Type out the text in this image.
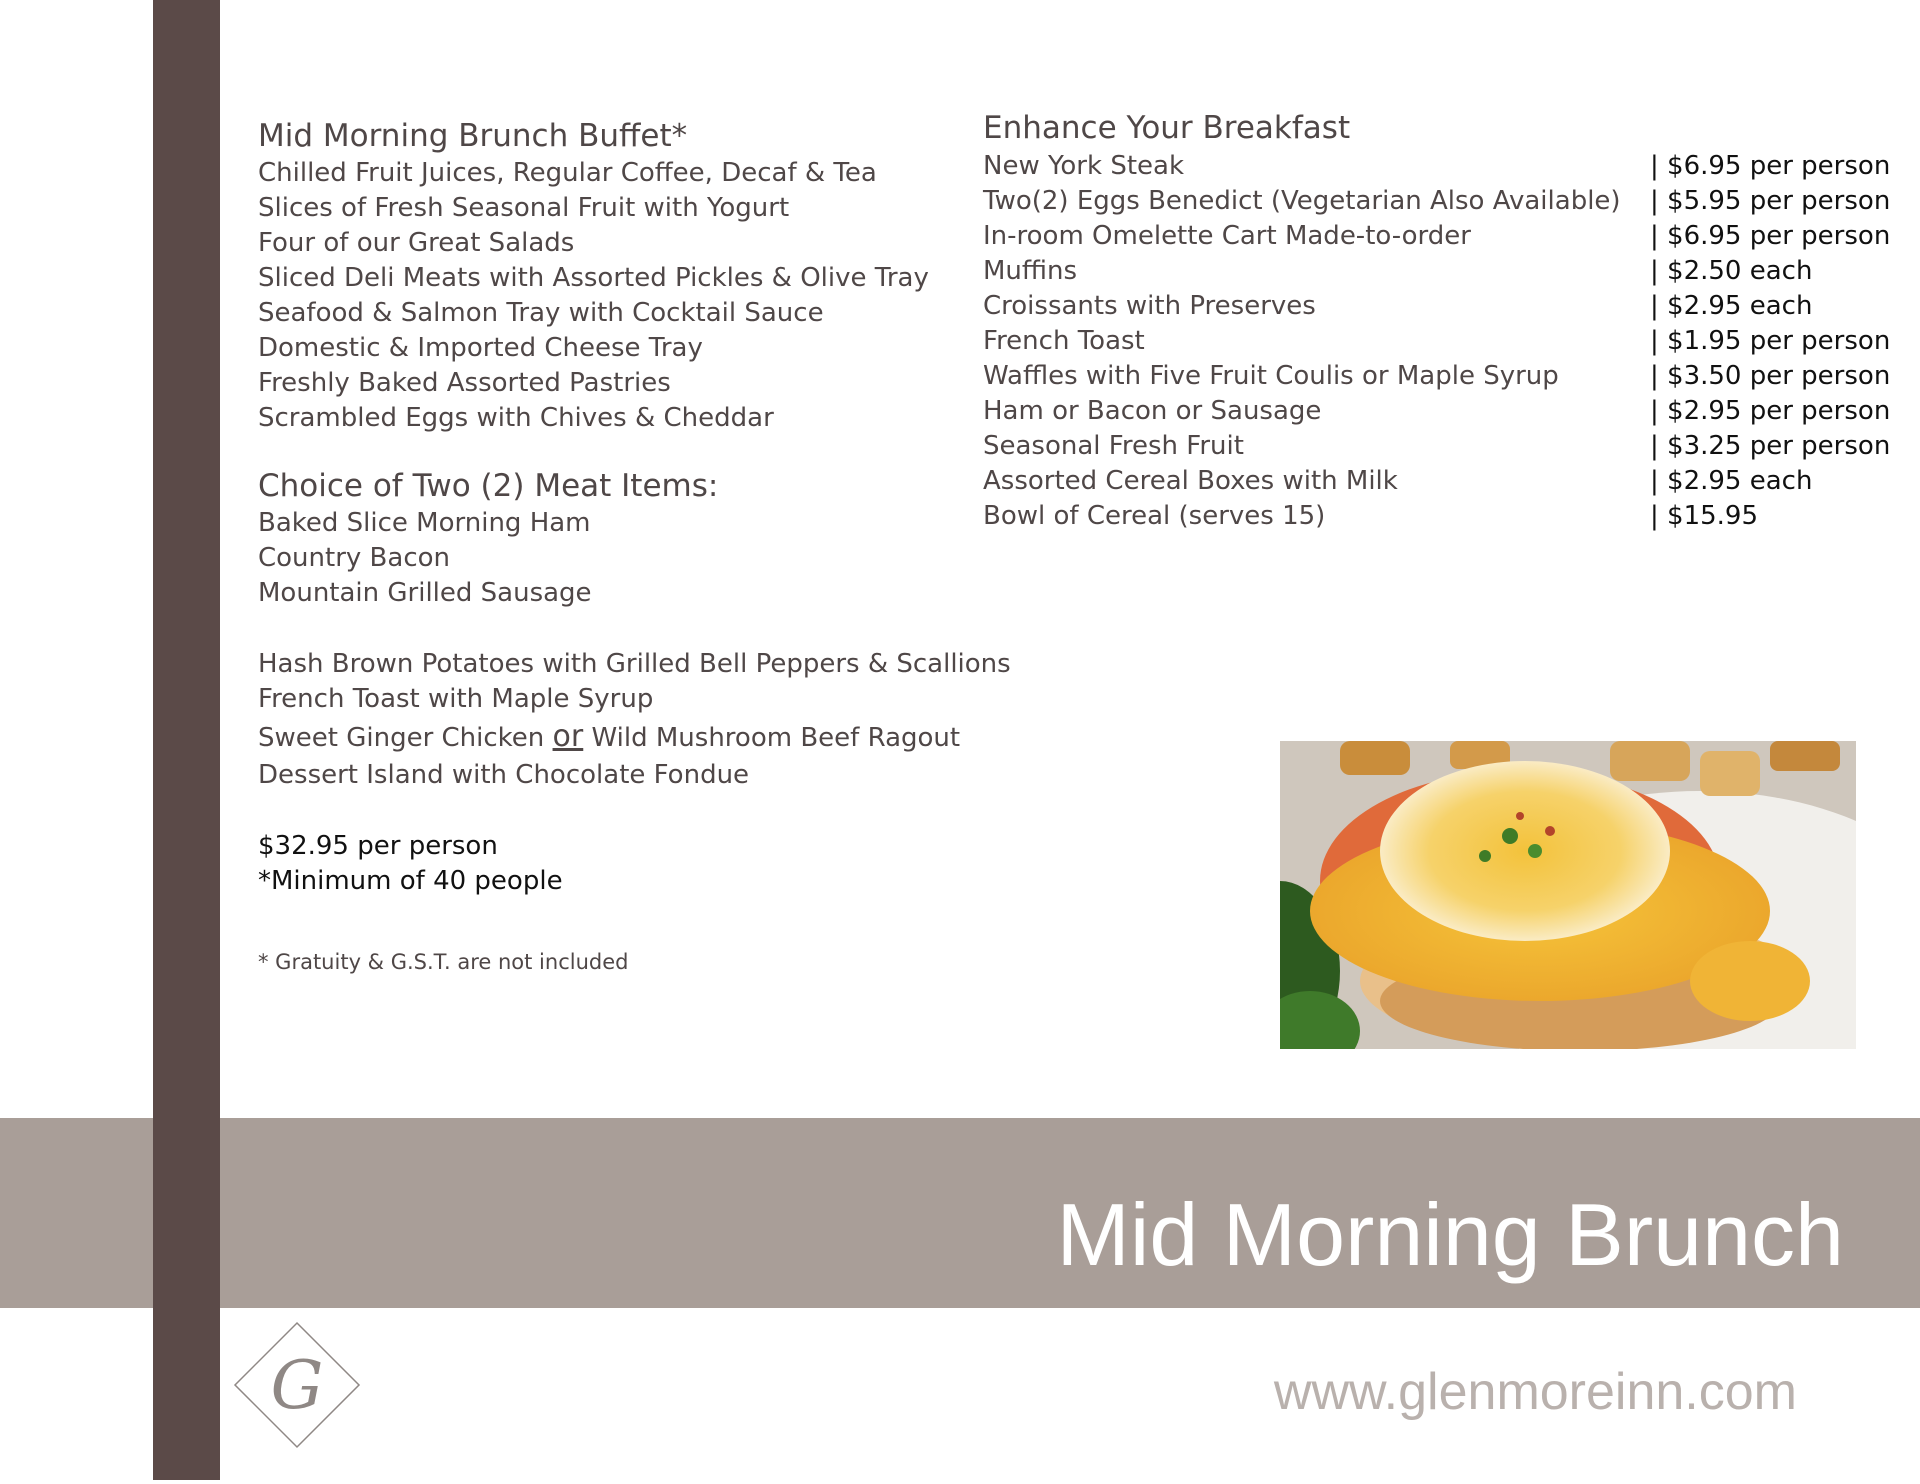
Mid Morning Brunch Buffet*
Chilled Fruit Juices, Regular Coffee, Decaf & Tea
Slices of Fresh Seasonal Fruit with Yogurt
Four of our Great Salads
Sliced Deli Meats with Assorted Pickles & Olive Tray
Seafood & Salmon Tray with Cocktail Sauce
Domestic & Imported Cheese Tray
Freshly Baked Assorted Pastries
Scrambled Eggs with Chives & Cheddar
Choice of Two (2) Meat Items:
Baked Slice Morning Ham
Country Bacon
Mountain Grilled Sausage
Hash Brown Potatoes with Grilled Bell Peppers & Scallions
French Toast with Maple Syrup
Sweet Ginger Chicken or Wild Mushroom Beef Ragout
Dessert Island with Chocolate Fondue
$32.95 per person
*Minimum of 40 people
* Gratuity & G.S.T. are not included
Enhance Your Breakfast
New York Steak	| $6.95 per person
Two(2) Eggs Benedict (Vegetarian Also Available) | $5.95 per person
In-room Omelette Cart Made-to-order	| $6.95 per person
Muffins	| $2.50 each
Croissants with Preserves	| $2.95 each
French Toast	| $1.95 per person
Waffles with Five Fruit Coulis or Maple Syrup	| $3.50 per person
Ham or Bacon or Sausage	| $2.95 per person
Seasonal Fresh Fruit	| $3.25 per person
Assorted Cereal Boxes with Milk	| $2.95 each
Bowl of Cereal (serves 15)	| $15.95
Mid Morning Brunch
G	www.glenmoreinn.com
